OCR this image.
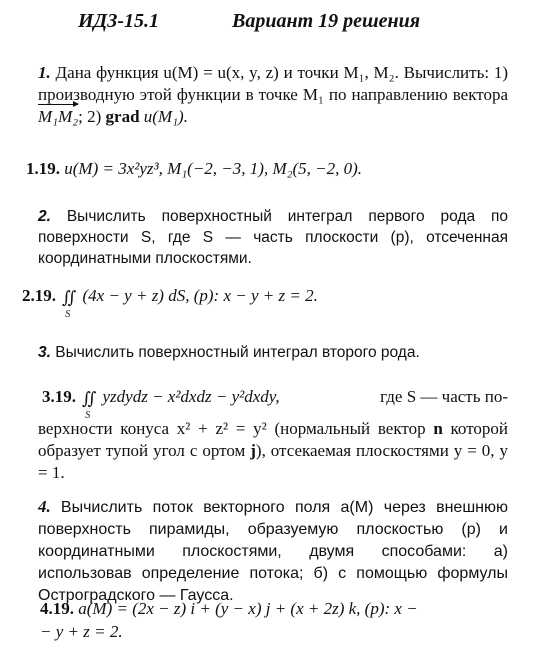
ИДЗ-15.1	Вариант 19 решения
1. Дана функция u(M) = u(x, y, z) и точки M₁, M₂. Вычислить: 1) производную этой функции в точке M₁ по направлению вектора M₁M₂; 2) grad u(M₁).
1.19. u(M) = 3x²yz³, M₁(−2, −3, 1), M₂(5, −2, 0).
2. Вычислить поверхностный интеграл первого рода по поверхности S, где S — часть плоскости (p), отсеченная координатными плоскостями.
2.19. ∬
S
(4x − y + z) dS, (p): x − y + z = 2.
3. Вычислить поверхностный интеграл второго рода.
3.19. ∬
S
yzdydz − x²dxdz − y²dxdy,	где S — часть по-
верхности конуса x² + z² = y² (нормальный вектор n которой образует тупой угол с ортом j), отсекаемая плоскостями y = 0, y = 1.
4. Вычислить поток векторного поля a(M) через внешнюю поверхность пирамиды, образуемую плоскостью (p) и координатными плоскостями, двумя способами: а) использовав определение потока; б) с помощью формулы Остроградского — Гаусса.
4.19. a(M) = (2x − z) i + (y − x) j + (x + 2z) k, (p): x −
− y + z = 2.
